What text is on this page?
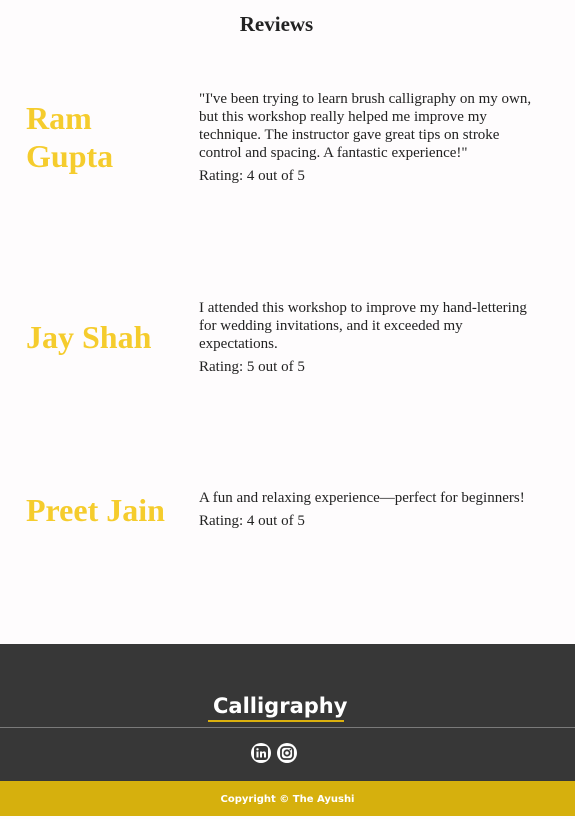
Reviews
Ram Gupta

"I've been trying to learn brush calligraphy on my own, but this workshop really helped me improve my technique. The instructor gave great tips on stroke control and spacing. A fantastic experience!"

Rating: 4 out of 5

Jay Shah

I attended this workshop to improve my hand-lettering for wedding invitations, and it exceeded my expectations.

Rating: 5 out of 5

Preet Jain	A fun and relaxing experience—perfect for beginners!

Rating: 4 out of 5

Calligraphy

Copyright © The Ayushi
